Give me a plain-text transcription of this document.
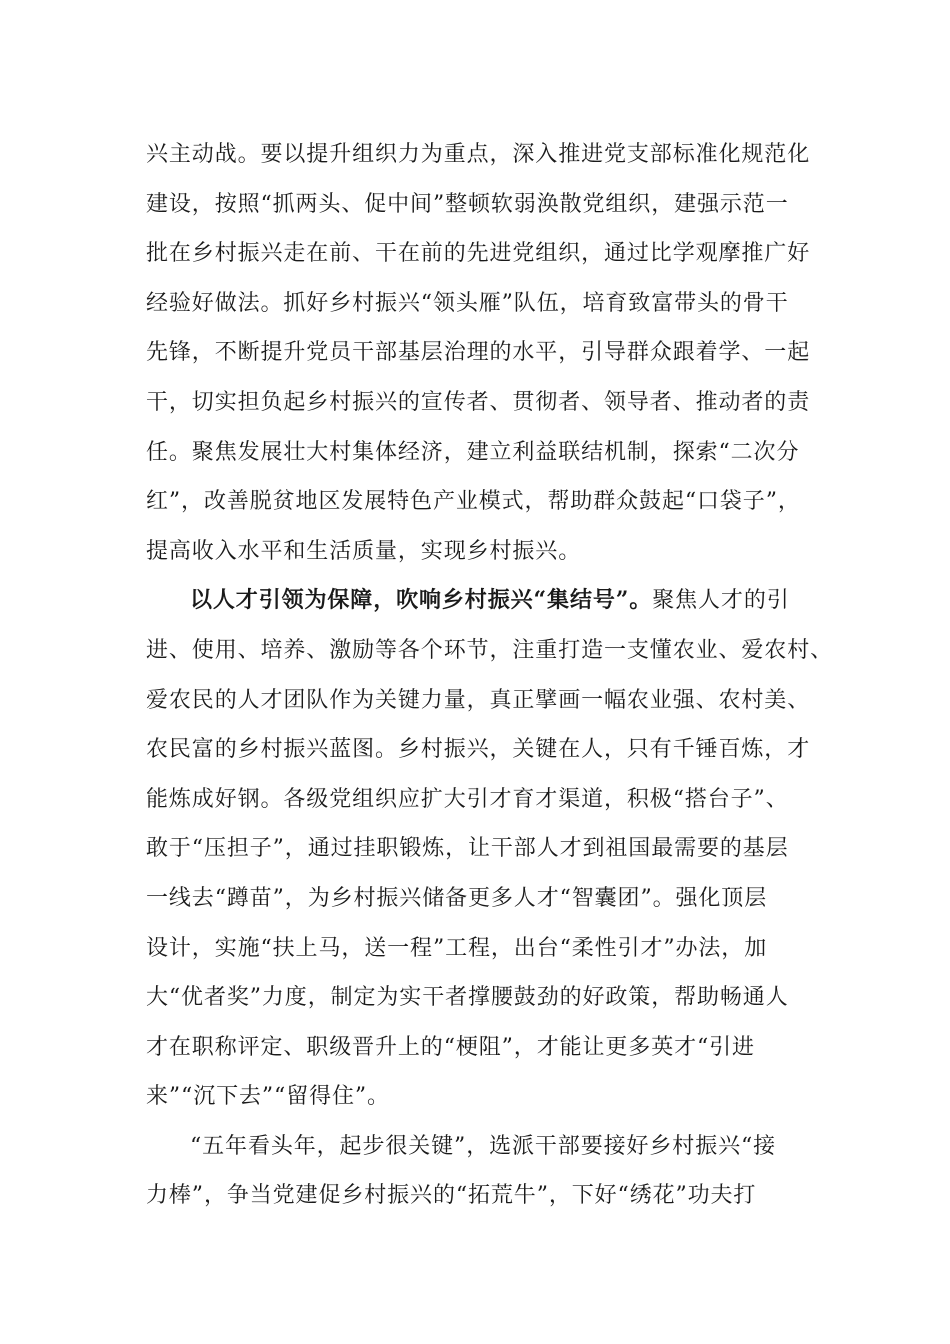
兴主动战。要以提升组织力为重点，深入推进党支部标准化规范化
建设，按照“抓两头、促中间”整顿软弱涣散党组织，建强示范一
批在乡村振兴走在前、干在前的先进党组织，通过比学观摩推广好
经验好做法。抓好乡村振兴“领头雁”队伍，培育致富带头的骨干
先锋，不断提升党员干部基层治理的水平，引导群众跟着学、一起
干，切实担负起乡村振兴的宣传者、贯彻者、领导者、推动者的责
任。聚焦发展壮大村集体经济，建立利益联结机制，探索“二次分
红”，改善脱贫地区发展特色产业模式，帮助群众鼓起“口袋子”，
提高收入水平和生活质量，实现乡村振兴。
以人才引领为保障，吹响乡村振兴“集结号”。聚焦人才的引
进、使用、培养、激励等各个环节，注重打造一支懂农业、爱农村、
爱农民的人才团队作为关键力量，真正擘画一幅农业强、农村美、
农民富的乡村振兴蓝图。乡村振兴，关键在人，只有千锤百炼，才
能炼成好钢。各级党组织应扩大引才育才渠道，积极“搭台子”、
敢于“压担子”，通过挂职锻炼，让干部人才到祖国最需要的基层
一线去“蹲苗”，为乡村振兴储备更多人才“智囊团”。强化顶层
设计，实施“扶上马，送一程”工程，出台“柔性引才”办法，加
大“优者奖”力度，制定为实干者撑腰鼓劲的好政策，帮助畅通人
才在职称评定、职级晋升上的“梗阻”，才能让更多英才“引进
来”“沉下去”“留得住”。
“五年看头年，起步很关键”，选派干部要接好乡村振兴“接
力棒”，争当党建促乡村振兴的“拓荒牛”，下好“绣花”功夫打
